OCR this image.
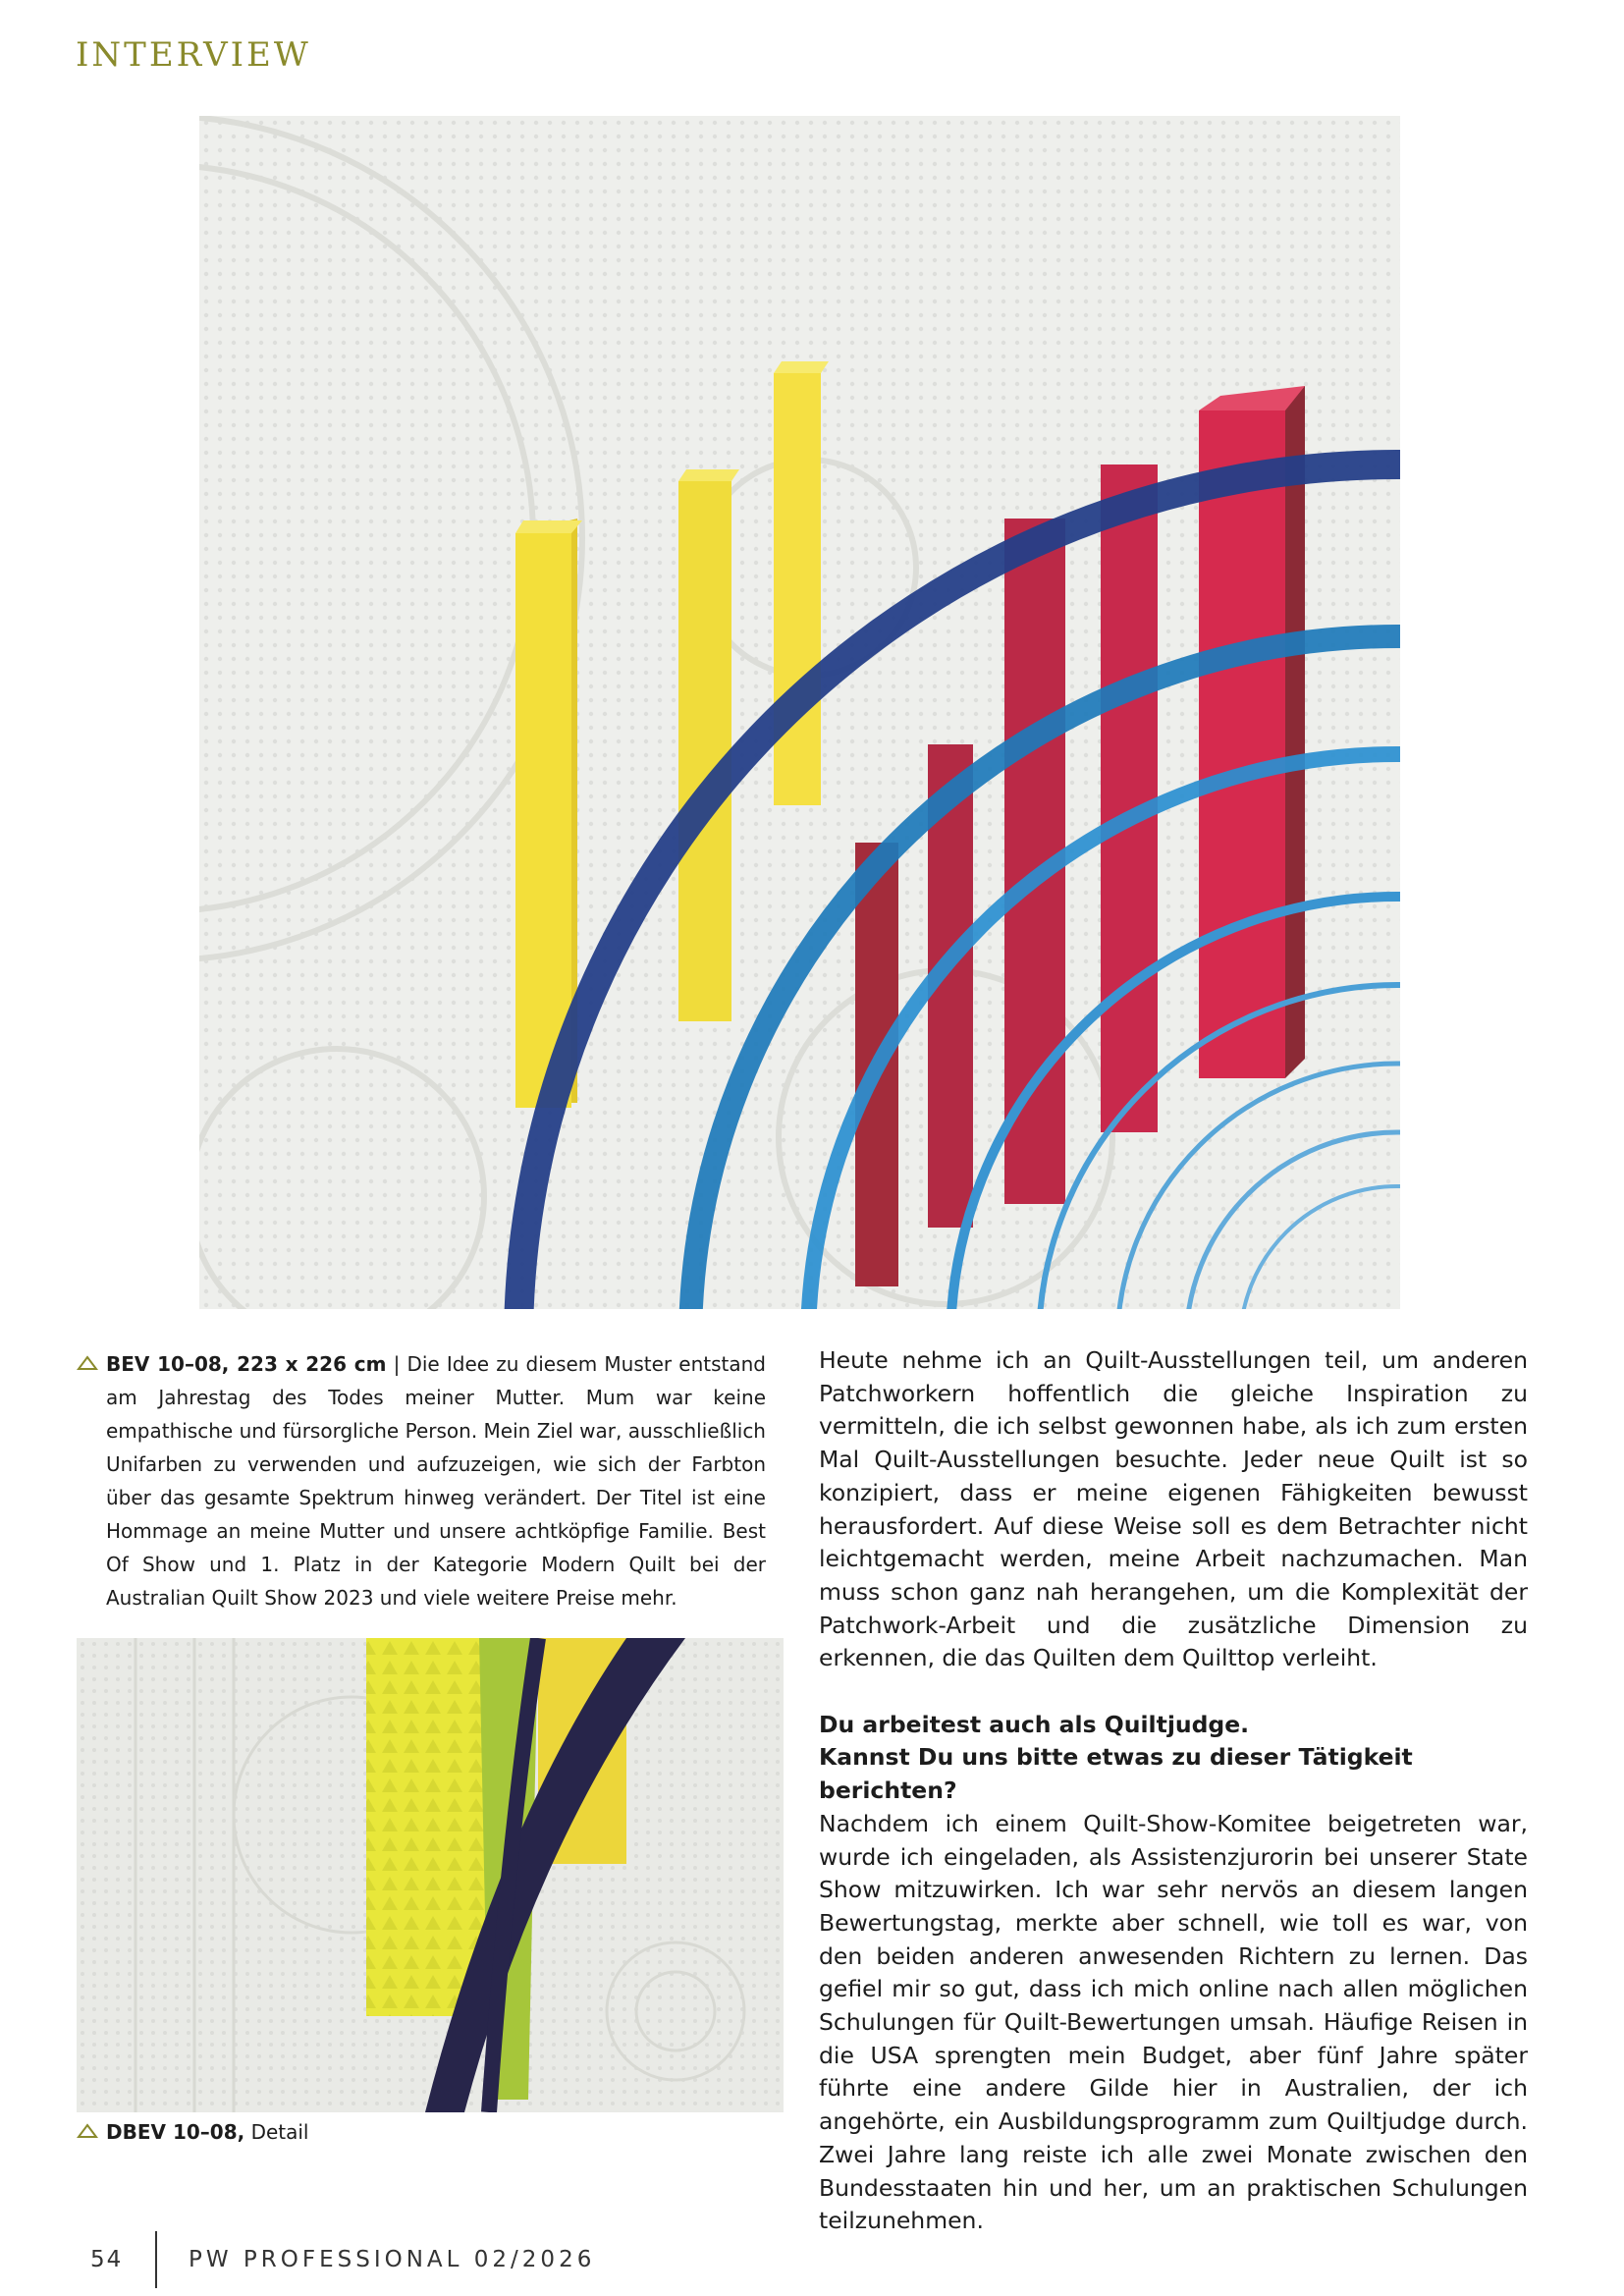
INTERVIEW

BEV 10–08, 223 x 226 cm | Die Idee zu diesem Muster entstand am Jahrestag des Todes meiner Mutter. Mum war keine empathische und fürsorgliche Person. Mein Ziel war, ausschließlich Unifarben zu verwenden und aufzuzeigen, wie sich der Farbton über das gesamte Spektrum hinweg verändert. Der Titel ist eine Hommage an meine Mutter und unsere achtköpfige Familie. Best Of Show und 1. Platz in der Kategorie Modern Quilt bei der Australian Quilt Show 2023 und viele weitere Preise mehr.

DBEV 10–08, Detail

Heute nehme ich an Quilt-Ausstellungen teil, um anderen Patchworkern hoffentlich die gleiche Inspiration zu vermitteln, die ich selbst gewonnen habe, als ich zum ersten Mal Quilt-Ausstellungen besuchte. Jeder neue Quilt ist so konzipiert, dass er meine eigenen Fähigkeiten bewusst herausfordert. Auf diese Weise soll es dem Betrachter nicht leichtgemacht werden, meine Arbeit nachzumachen. Man muss schon ganz nah herangehen, um die Komplexität der Patchwork-Arbeit und die zusätzliche Dimension zu erkennen, die das Quilten dem Quilttop verleiht.

Du arbeitest auch als Quiltjudge.
Kannst Du uns bitte etwas zu dieser Tätigkeit berichten?
Nachdem ich einem Quilt-Show-Komitee beigetreten war, wurde ich eingeladen, als Assistenzjurorin bei unserer State Show mitzuwirken. Ich war sehr nervös an diesem langen Bewertungstag, merkte aber schnell, wie toll es war, von den beiden anderen anwesenden Richtern zu lernen. Das gefiel mir so gut, dass ich mich online nach allen möglichen Schulungen für Quilt-Bewertungen umsah. Häufige Reisen in die USA sprengten mein Budget, aber fünf Jahre später führte eine andere Gilde hier in Australien, der ich angehörte, ein Ausbildungsprogramm zum Quiltjudge durch. Zwei Jahre lang reiste ich alle zwei Monate zwischen den Bundesstaaten hin und her, um an praktischen Schulungen teilzunehmen.

54	PW PROFESSIONAL 02/2026
